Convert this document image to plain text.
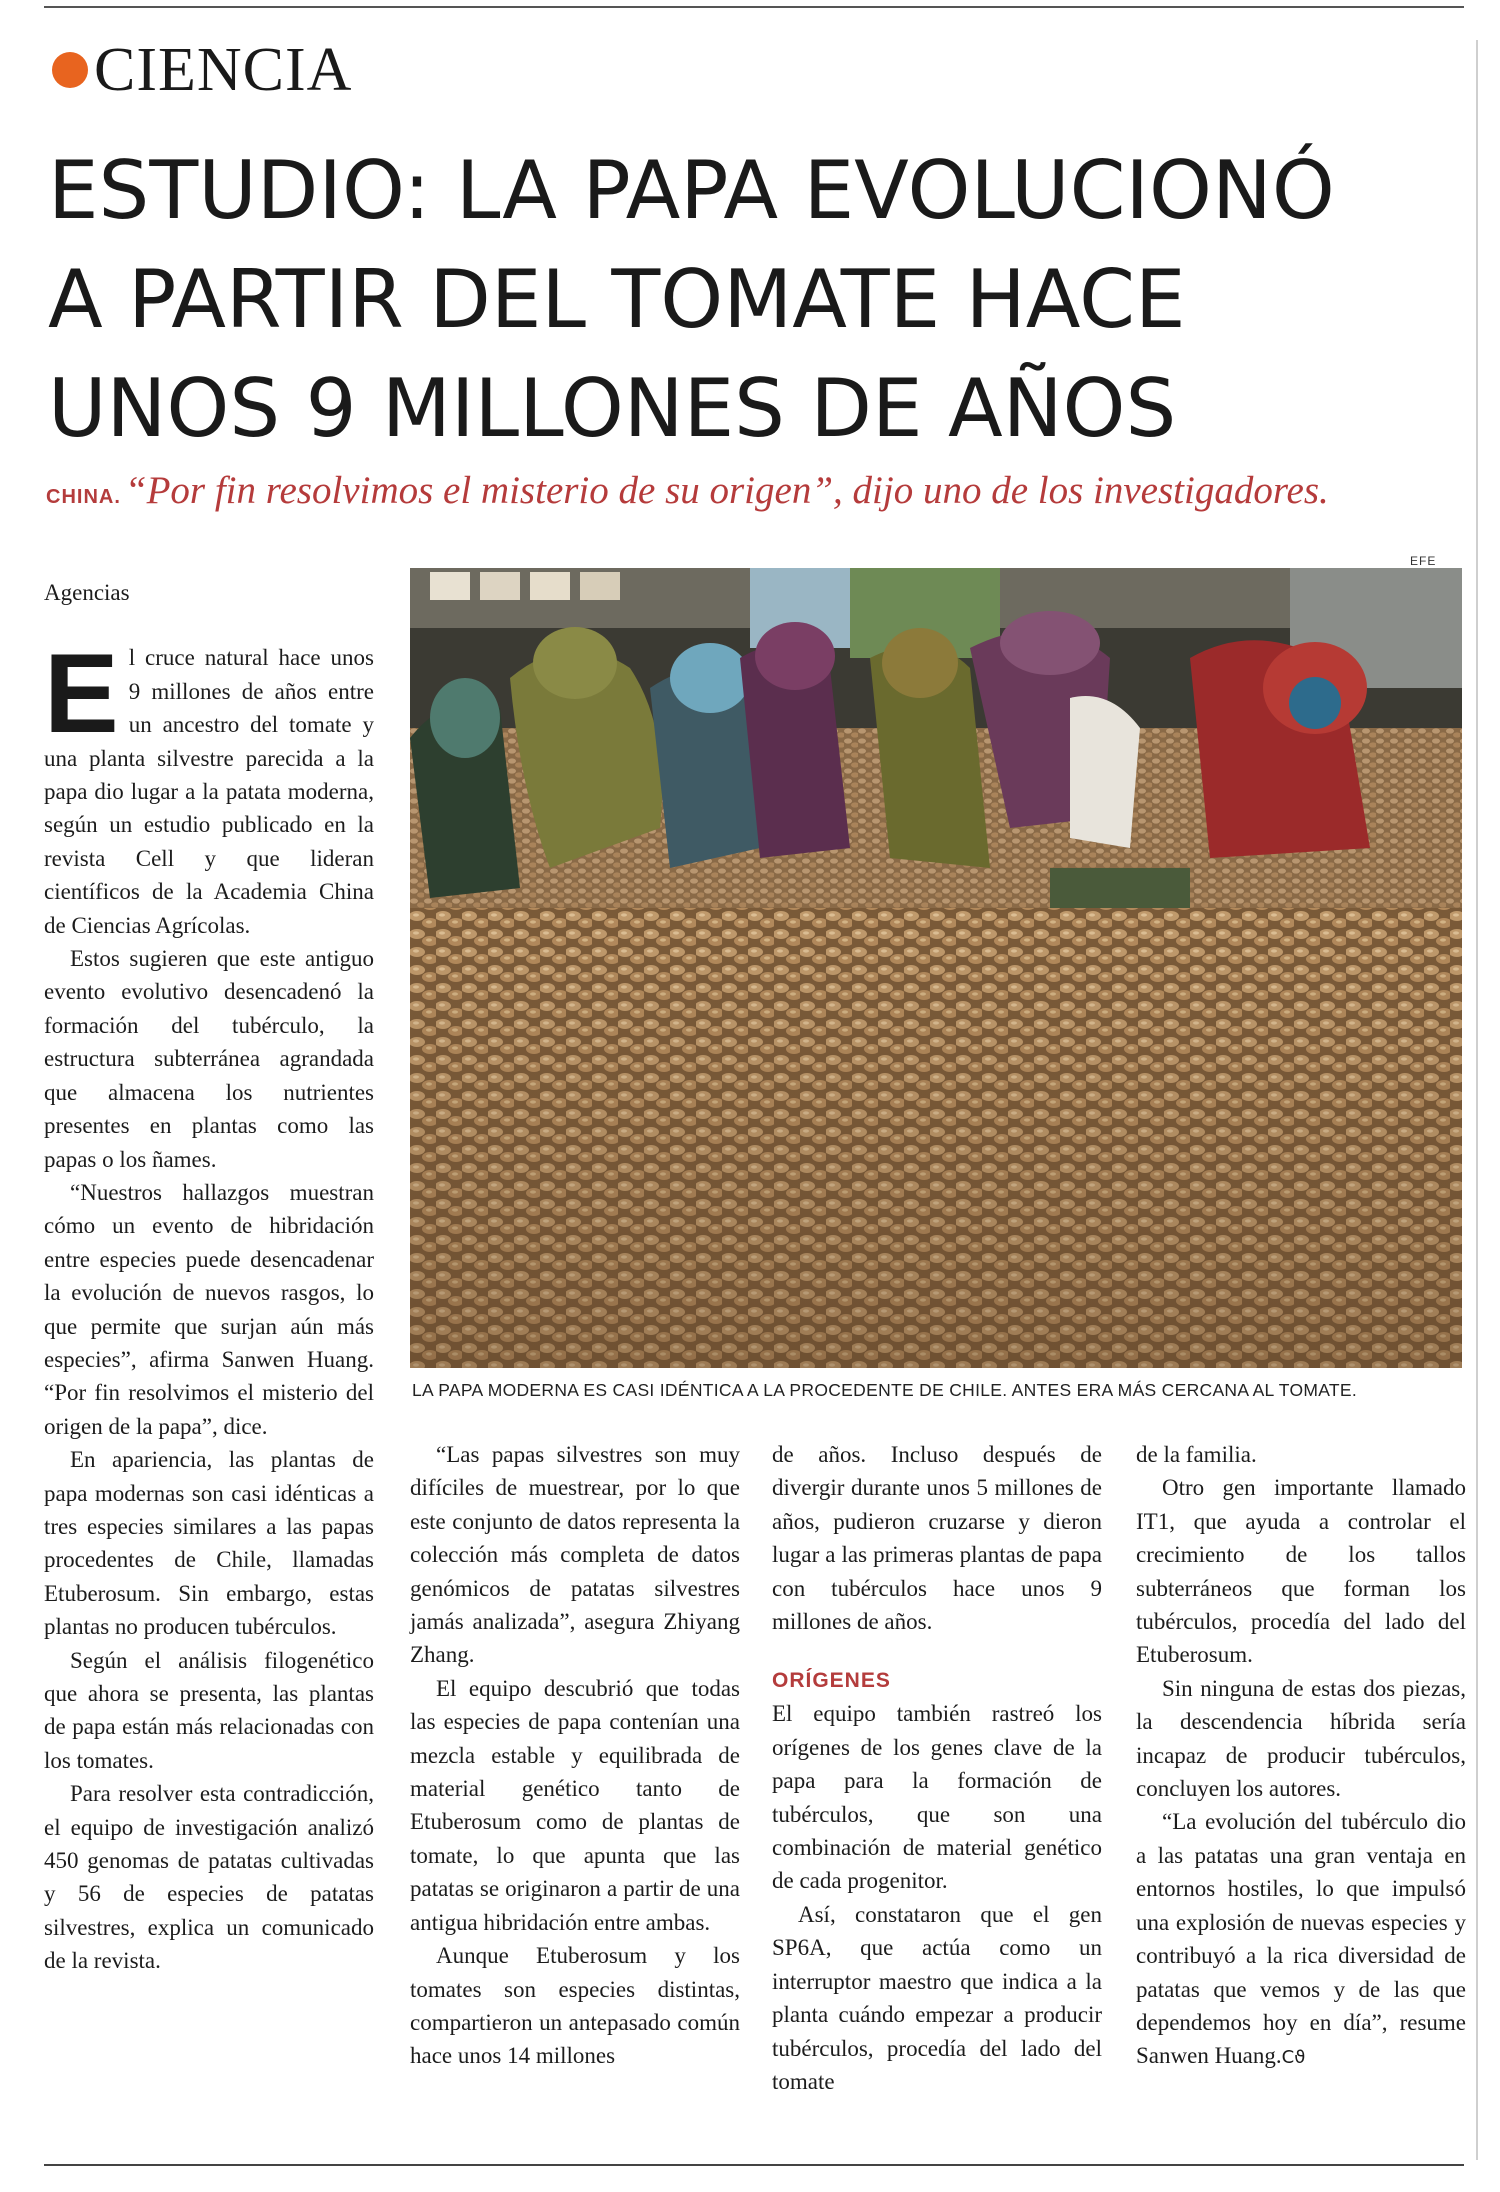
CIENCIA
ESTUDIO: LA PAPA EVOLUCIONÓ
A PARTIR DEL TOMATE HACE
UNOS 9 MILLONES DE AÑOS
CHINA. “Por fin resolvimos el misterio de su origen”, dijo uno de los investigadores.
EFE
LA PAPA MODERNA ES CASI IDÉNTICA A LA PROCEDENTE DE CHILE. ANTES ERA MÁS CERCANA AL TOMATE.

Agencias

El cruce natural hace unos 9 millones de años entre un ancestro del tomate y una planta silvestre parecida a la papa dio lugar a la patata moderna, según un estudio publicado en la revista Cell y que lideran científicos de la Academia China de Ciencias Agrícolas.

Estos sugieren que este antiguo evento evolutivo desencadenó la formación del tubérculo, la estructura subterránea agrandada que almacena los nutrientes presentes en plantas como las papas o los ñames.

“Nuestros hallazgos muestran cómo un evento de hibridación entre especies puede desencadenar la evolución de nuevos rasgos, lo que permite que surjan aún más especies”, afirma Sanwen Huang. “Por fin resolvimos el misterio del origen de la papa”, dice.

En apariencia, las plantas de papa modernas son casi idénticas a tres especies similares a las papas procedentes de Chile, llamadas Etuberosum. Sin embargo, estas plantas no producen tubérculos.

Según el análisis filogenético que ahora se presenta, las plantas de papa están más relacionadas con los tomates.

Para resolver esta contradicción, el equipo de investigación analizó 450 genomas de patatas cultivadas y 56 de especies de patatas silvestres, explica un comunicado de la revista.

“Las papas silvestres son muy difíciles de muestrear, por lo que este conjunto de datos representa la colección más completa de datos genómicos de patatas silvestres jamás analizada”, asegura Zhiyang Zhang.

El equipo descubrió que todas las especies de papa contenían una mezcla estable y equilibrada de material genético tanto de Etuberosum como de plantas de tomate, lo que apunta que las patatas se originaron a partir de una antigua hibridación entre ambas.

Aunque Etuberosum y los tomates son especies distintas, compartieron un antepasado común hace unos 14 millones

de años. Incluso después de divergir durante unos 5 millones de años, pudieron cruzarse y dieron lugar a las primeras plantas de papa con tubérculos hace unos 9 millones de años.

ORÍGENES

El equipo también rastreó los orígenes de los genes clave de la papa para la formación de tubérculos, que son una combinación de material genético de cada progenitor.

Así, constataron que el gen SP6A, que actúa como un interruptor maestro que indica a la planta cuándo empezar a producir tubérculos, procedía del lado del tomate

de la familia.

Otro gen importante llamado IT1, que ayuda a controlar el crecimiento de los tallos subterráneos que forman los tubérculos, procedía del lado del Etuberosum.

Sin ninguna de estas dos piezas, la descendencia híbrida sería incapaz de producir tubérculos, concluyen los autores.

“La evolución del tubérculo dio a las patatas una gran ventaja en entornos hostiles, lo que impulsó una explosión de nuevas especies y contribuyó a la rica diversidad de patatas que vemos y de las que dependemos hoy en día”, resume Sanwen Huang.Ϲϑ
